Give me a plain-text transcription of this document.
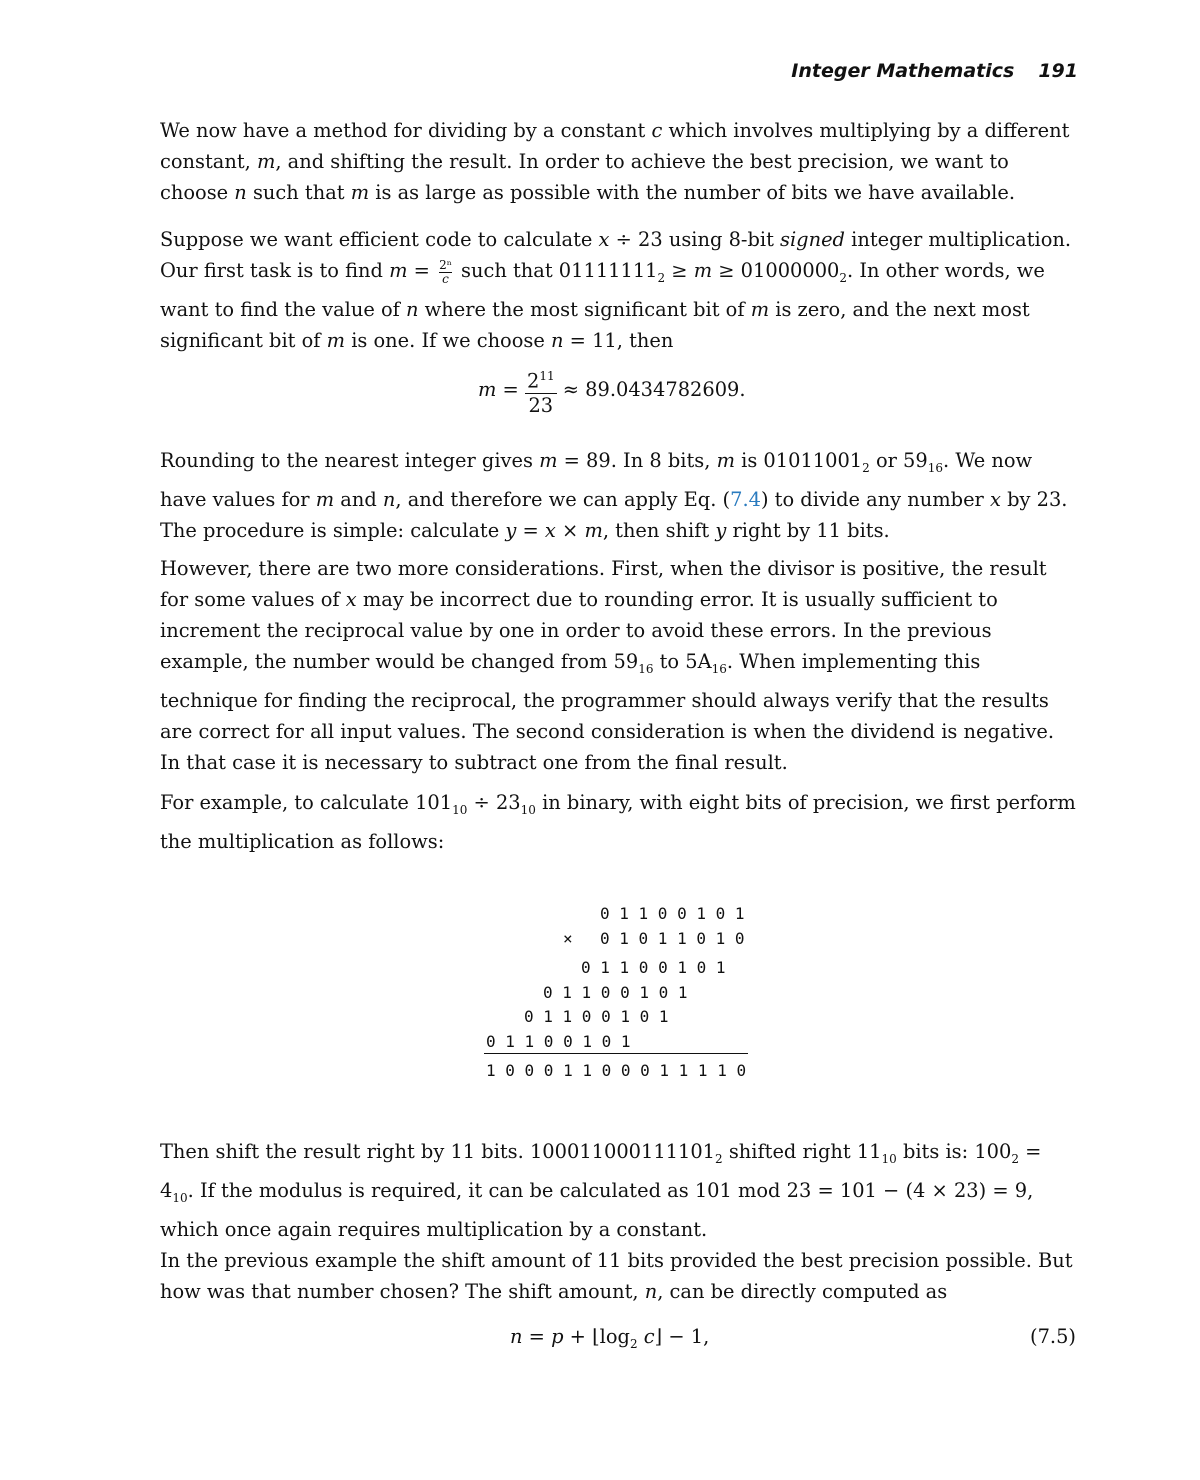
Integer Mathematics 191

We now have a method for dividing by a constant c which involves multiplying by a different constant, m, and shifting the result. In order to achieve the best precision, we want to choose n such that m is as large as possible with the number of bits we have available.

Suppose we want efficient code to calculate x ÷ 23 using 8-bit signed integer multiplication. Our first task is to find $m = \frac{\text{2ⁿ}}{c}$ such that $01111111_2 \ge m \ge 01000000_2$. In other words, we want to find the value of n where the most significant bit of m is zero, and the next most significant bit of m is one. If we choose n = 11, then

$m = \frac{2^{11}}{23} \approx 89.0434782609$.

Rounding to the nearest integer gives m = 89. In 8 bits, m is $01011001_2$ or $59_{16}$. We now have values for m and n, and therefore we can apply Eq. (7.4) to divide any number x by 23. The procedure is simple: calculate y = x × m, then shift y right by 11 bits.

However, there are two more considerations. First, when the divisor is positive, the result for some values of x may be incorrect due to rounding error. It is usually sufficient to increment the reciprocal value by one in order to avoid these errors. In the previous example, the number would be changed from $59_{16}$ to $5A_{16}$. When implementing this technique for finding the reciprocal, the programmer should always verify that the results are correct for all input values. The second consideration is when the dividend is negative. In that case it is necessary to subtract one from the final result.

For example, to calculate $101_{10} \div 23_{10}$ in binary, with eight bits of precision, we first perform the multiplication as follows:

0 1 1 0 0 1 0 1
× 0 1 0 1 1 0 1 0
0 1 1 0 0 1 0 1
0 1 1 0 0 1 0 1
0 1 1 0 0 1 0 1
0 1 1 0 0 1 0 1
1 0 0 0 1 1 0 0 0 1 1 1 1 0

Then shift the result right by 11 bits. $100011000111101_2$ shifted right $11_{10}$ bits is: $100_2 = 4_{10}$. If the modulus is required, it can be calculated as 101 mod 23 = 101 − (4 × 23) = 9, which once again requires multiplication by a constant.

In the previous example the shift amount of 11 bits provided the best precision possible. But how was that number chosen? The shift amount, n, can be directly computed as

$n = p + ⌊\log_2$ c⌋ − 1,	(7.5)
